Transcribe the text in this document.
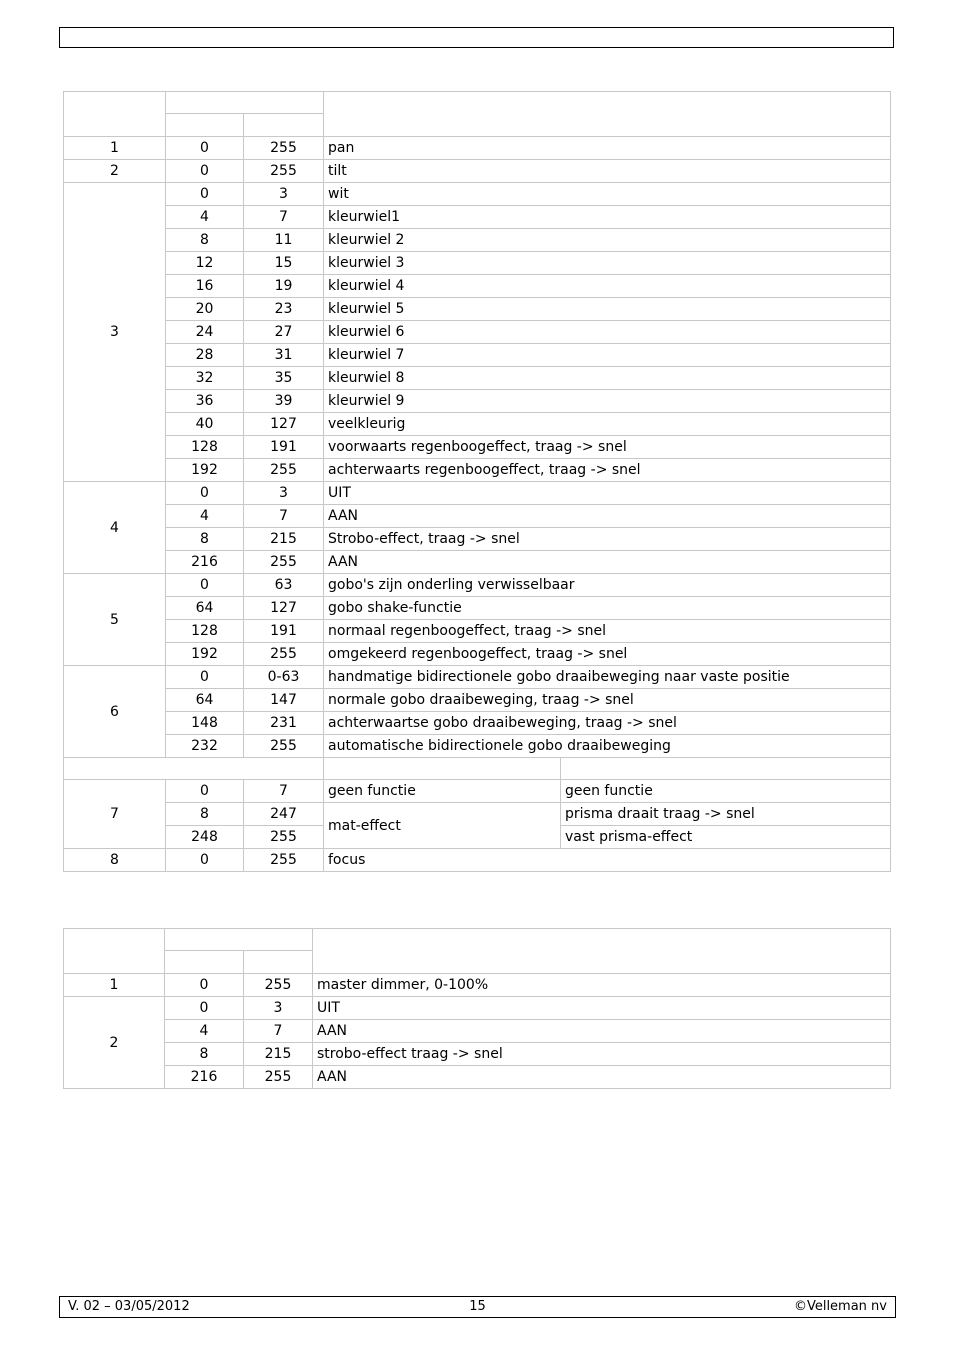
1	0	255	pan	
2	0	255	tilt	
3	0	3	wit	
	4	7	kleurwiel1	
	8	11	kleurwiel 2	
	12	15	kleurwiel 3	
	16	19	kleurwiel 4	
	20	23	kleurwiel 5	
	24	27	kleurwiel 6	
	28	31	kleurwiel 7	
	32	35	kleurwiel 8	
	36	39	kleurwiel 9	
	40	127	veelkleurig	
	128	191	voorwaarts regenboogeffect, traag -> snel	
	192	255	achterwaarts regenboogeffect, traag -> snel	
4	0	3	UIT	
	4	7	AAN	
	8	215	Strobo-effect, traag -> snel	
	216	255	AAN	
5	0	63	gobo's zijn onderling verwisselbaar	
	64	127	gobo shake-functie	
	128	191	normaal regenboogeffect, traag -> snel	
	192	255	omgekeerd regenboogeffect, traag -> snel	
6	0	0-63	handmatige bidirectionele gobo draaibeweging naar vaste positie	
	64	147	normale gobo draaibeweging, traag -> snel	
	148	231	achterwaartse gobo draaibeweging, traag -> snel	
	232	255	automatische bidirectionele gobo draaibeweging	

7	0	7	geen functie	geen functie
	8	247	mat-effect	prisma draait traag -> snel
	248	255		vast prisma-effect
8	0	255	focus	

1	0	255	master dimmer, 0-100%
2	0	3	UIT
	4	7	AAN
	8	215	strobo-effect traag -> snel
	216	255	AAN
V. 02 – 03/05/2012	15	©Velleman nv
